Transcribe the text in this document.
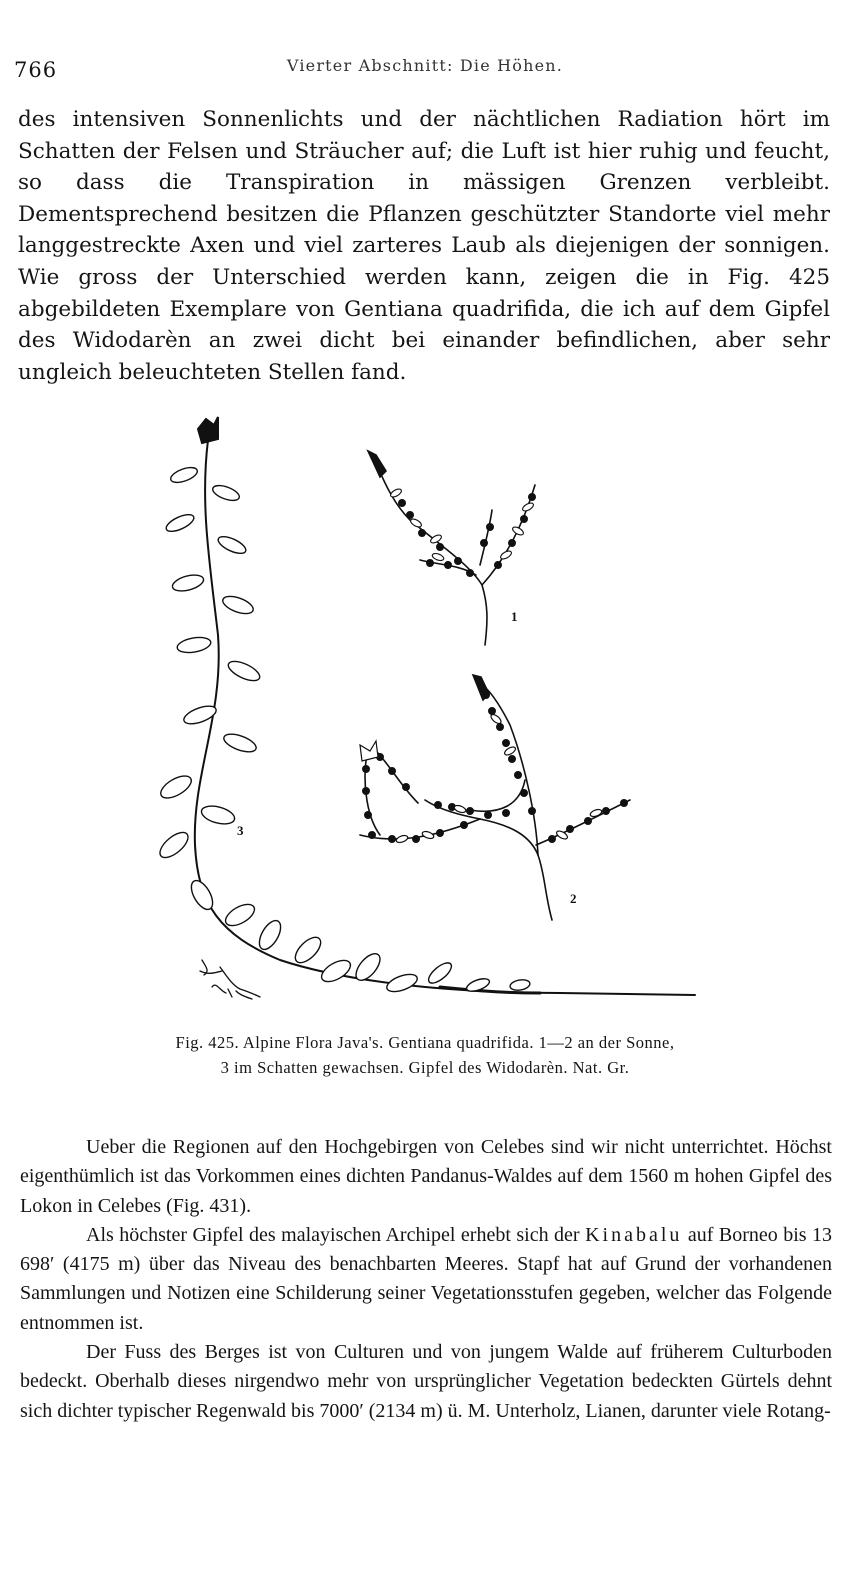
766	Vierter Abschnitt: Die Höhen.
des intensiven Sonnenlichts und der nächtlichen Radiation hört im Schatten der Felsen und Sträucher auf; die Luft ist hier ruhig und feucht, so dass die Transpiration in mässigen Grenzen verbleibt. Dementsprechend besitzen die Pflanzen geschützter Standorte viel mehr langgestreckte Axen und viel zarteres Laub als diejenigen der sonnigen. Wie gross der Unterschied werden kann, zeigen die in Fig. 425 abgebildeten Exemplare von Gentiana quadrifida, die ich auf dem Gipfel des Widodarèn an zwei dicht bei einander befindlichen, aber sehr ungleich beleuchteten Stellen fand.
1
2
3
Fig. 425. Alpine Flora Java's. Gentiana quadrifida. 1—2 an der Sonne,
3 im Schatten gewachsen. Gipfel des Widodarèn. Nat. Gr.

Ueber die Regionen auf den Hochgebirgen von Celebes sind wir nicht unterrichtet. Höchst eigenthümlich ist das Vorkommen eines dichten Pandanus-Waldes auf dem 1560 m hohen Gipfel des Lokon in Celebes (Fig. 431).

Als höchster Gipfel des malayischen Archipel erhebt sich der Kinabalu auf Borneo bis 13 698′ (4175 m) über das Niveau des benachbarten Meeres. Stapf hat auf Grund der vorhandenen Sammlungen und Notizen eine Schilderung seiner Vegetationsstufen gegeben, welcher das Folgende entnommen ist.

Der Fuss des Berges ist von Culturen und von jungem Walde auf früherem Culturboden bedeckt. Oberhalb dieses nirgendwo mehr von ursprünglicher Vegetation bedeckten Gürtels dehnt sich dichter typischer Regenwald bis 7000′ (2134 m) ü. M. Unterholz, Lianen, darunter viele Rotang-
